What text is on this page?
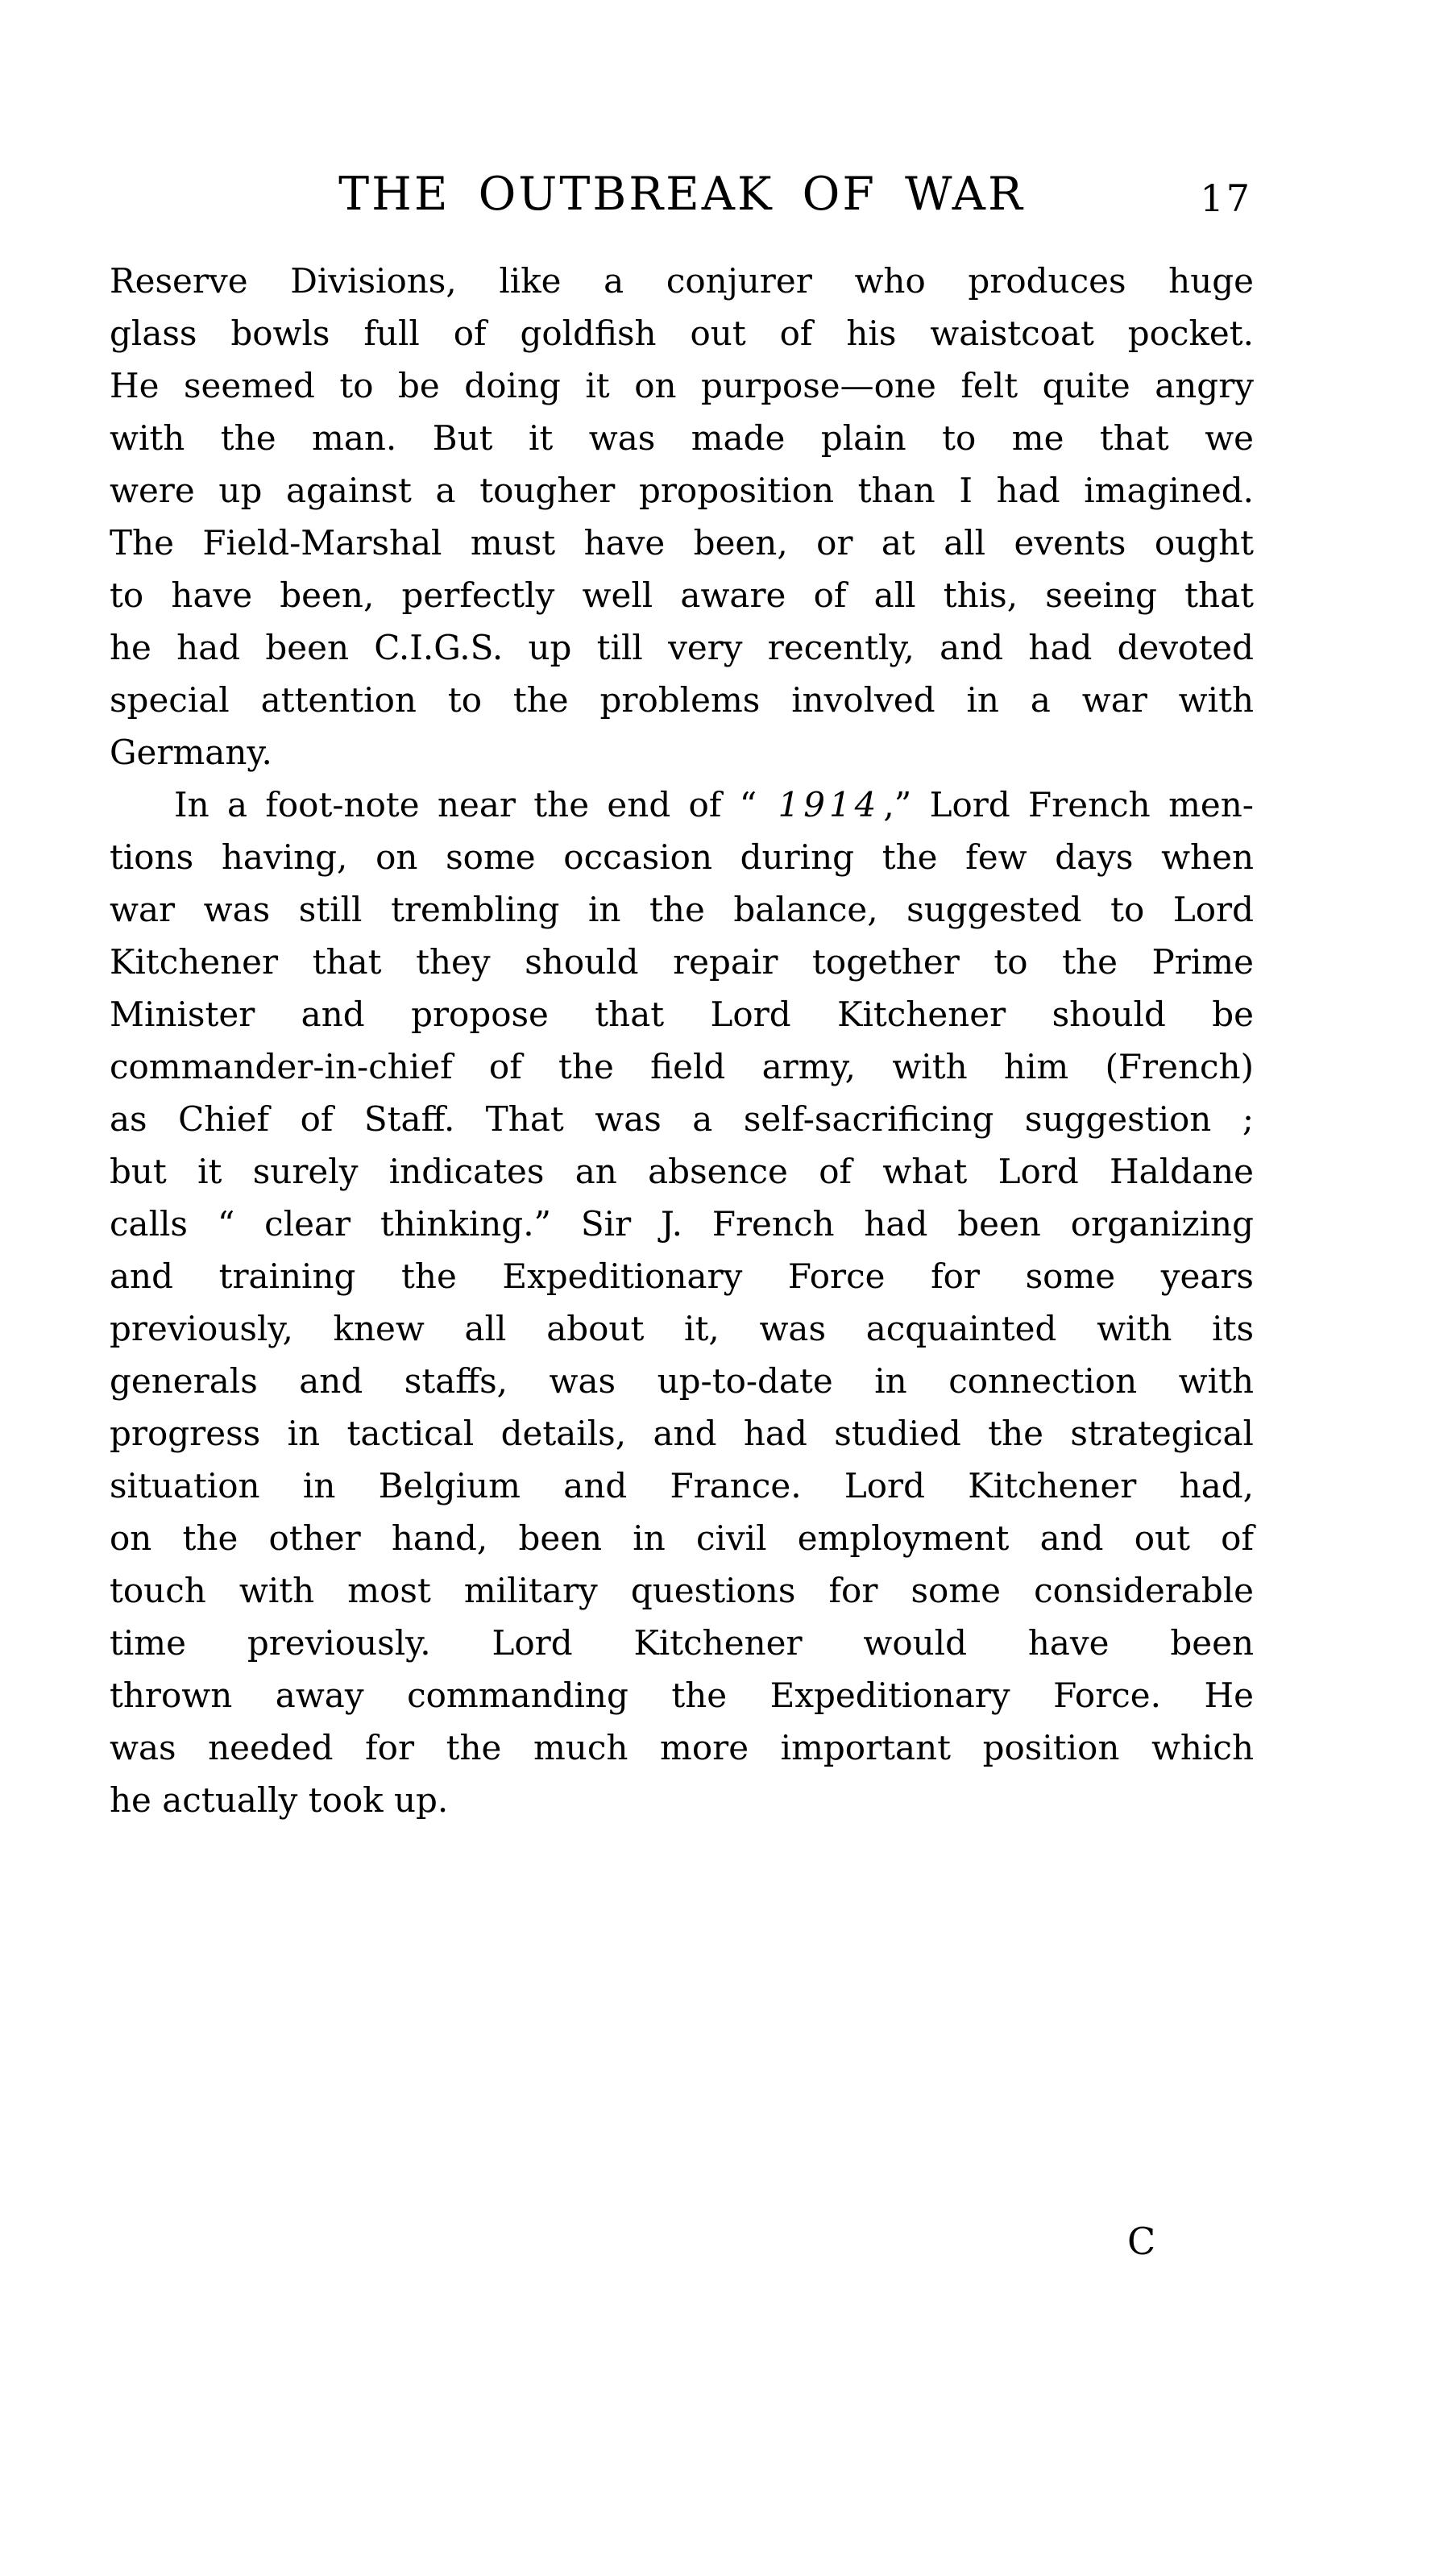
THE OUTBREAK OF WAR	17
Reserve Divisions, like a conjurer who produces huge
glass bowls full of goldfish out of his waistcoat pocket.
He seemed to be doing it on purpose—one felt quite angry
with the man. But it was made plain to me that we
were up against a tougher proposition than I had imagined.
The Field-Marshal must have been, or at all events ought
to have been, perfectly well aware of all this, seeing that
he had been C.I.G.S. up till very recently, and had devoted
special attention to the problems involved in a war with
Germany.
In a foot-note near the end of “ 1914,” Lord French men-
tions having, on some occasion during the few days when
war was still trembling in the balance, suggested to Lord
Kitchener that they should repair together to the Prime
Minister and propose that Lord Kitchener should be
commander-in-chief of the field army, with him (French)
as Chief of Staff. That was a self-sacrificing suggestion ;
but it surely indicates an absence of what Lord Haldane
calls “ clear thinking.” Sir J. French had been organizing
and training the Expeditionary Force for some years
previously, knew all about it, was acquainted with its
generals and staffs, was up-to-date in connection with
progress in tactical details, and had studied the strategical
situation in Belgium and France. Lord Kitchener had,
on the other hand, been in civil employment and out of
touch with most military questions for some considerable
time previously. Lord Kitchener would have been
thrown away commanding the Expeditionary Force. He
was needed for the much more important position which
he actually took up.
C
